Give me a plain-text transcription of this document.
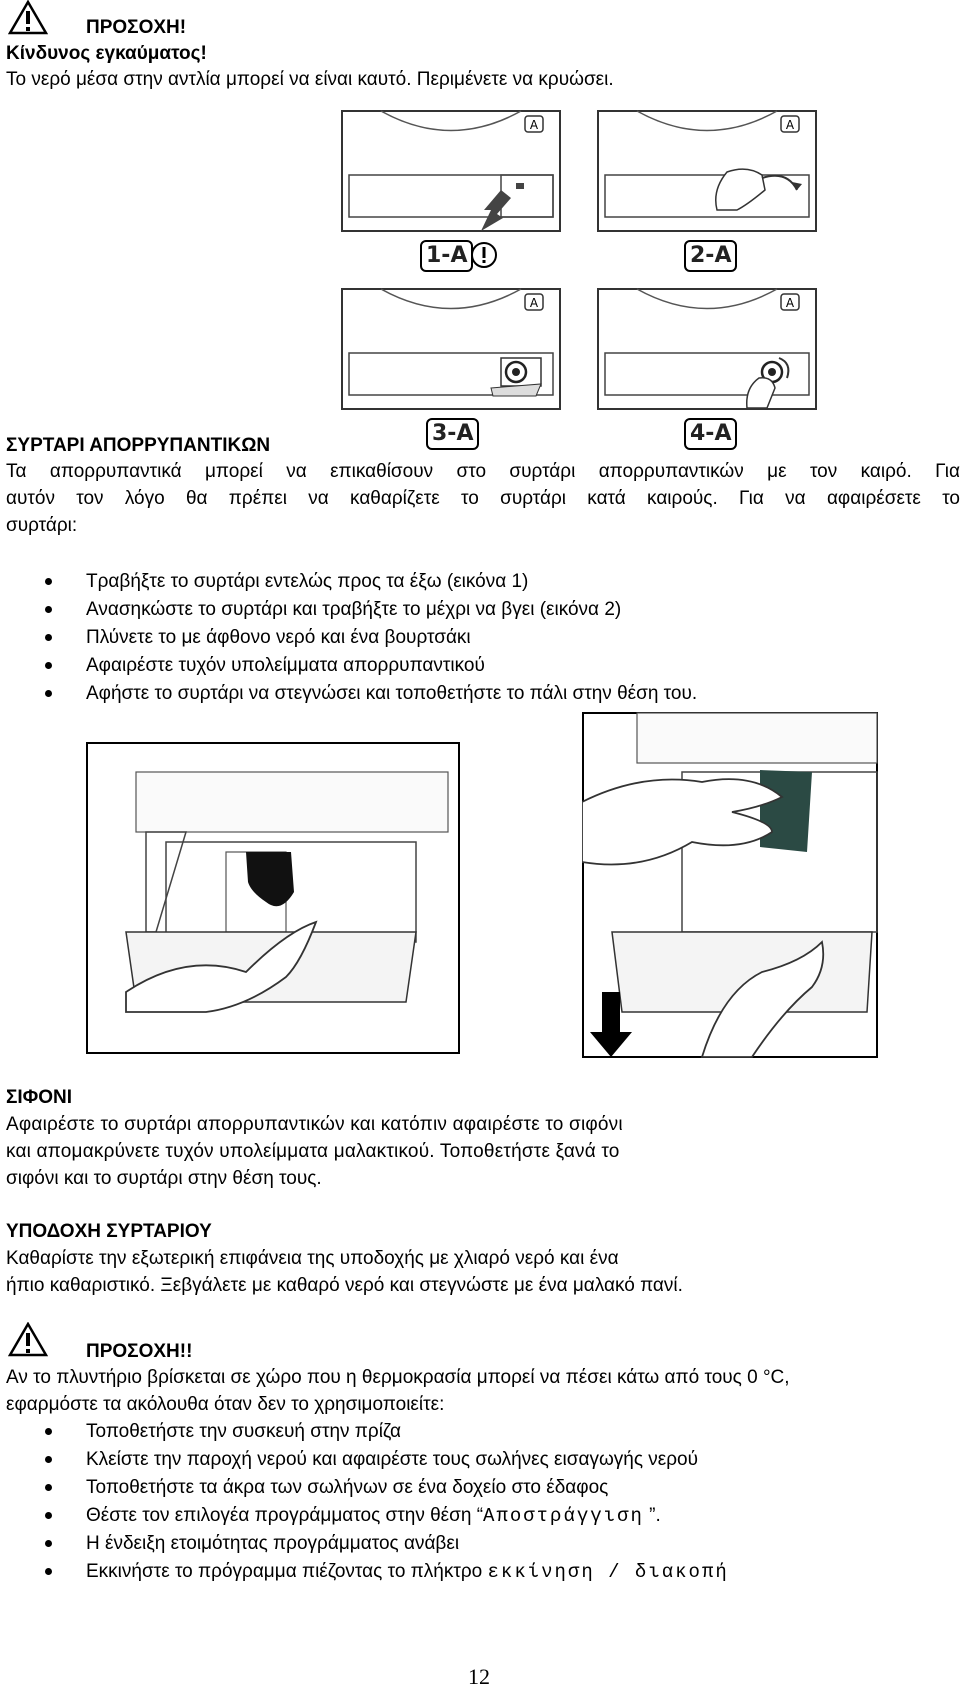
ΠΡΟΣΟΧΗ!
Κίνδυνος εγκαύματος!
Το νερό μέσα στην αντλία μπορεί να είναι καυτό. Περιμένετε να κρυώσει.
A	A
A	A
1-A	2-A
3-A	4-A
ΣΥΡΤΑΡΙ ΑΠΟΡΡΥΠΑΝΤΙΚΩΝ
Τα απορρυπαντικά μπορεί να επικαθίσουν στο συρτάρι απορρυπαντικών με τον καιρό. Για
αυτόν τον λόγο θα πρέπει να καθαρίζετε το συρτάρι κατά καιρούς. Για να αφαιρέσετε το
συρτάρι:
Τραβήξτε το συρτάρι εντελώς προς τα έξω (εικόνα 1)
Ανασηκώστε το συρτάρι και τραβήξτε το μέχρι να βγει (εικόνα 2)
Πλύνετε το με άφθονο νερό και ένα βουρτσάκι
Αφαιρέστε τυχόν υπολείμματα απορρυπαντικού
Αφήστε το συρτάρι να στεγνώσει και τοποθετήστε το πάλι στην θέση του.
ΣΙΦΟΝΙ
Αφαιρέστε το συρτάρι απορρυπαντικών και κατόπιν αφαιρέστε το σιφόνι
και απομακρύνετε τυχόν υπολείμματα μαλακτικού. Τοποθετήστε ξανά το
σιφόνι και το συρτάρι στην θέση τους.
ΥΠΟΔΟΧΗ ΣΥΡΤΑΡΙΟΥ
Καθαρίστε την εξωτερική επιφάνεια της υποδοχής με χλιαρό νερό και ένα
ήπιο καθαριστικό. Ξεβγάλετε με καθαρό νερό και στεγνώστε με ένα μαλακό πανί.
ΠΡΟΣΟΧΗ!!
Αν το πλυντήριο βρίσκεται σε χώρο που η θερμοκρασία μπορεί να πέσει κάτω από τους 0 °C,
εφαρμόστε τα ακόλουθα όταν δεν το χρησιμοποιείτε:
Τοποθετήστε την συσκευή στην πρίζα
Κλείστε την παροχή νερού και αφαιρέστε τους σωλήνες εισαγωγής νερού
Τοποθετήστε τα άκρα των σωλήνων σε ένα δοχείο στο έδαφος
Θέστε τον επιλογέα προγράμματος στην θέση “Αποστράγγιση ”.
Η ένδειξη ετοιμότητας προγράμματος ανάβει
Εκκινήστε το πρόγραμμα πιέζοντας το πλήκτρο εκκίνηση / διακοπή
12
